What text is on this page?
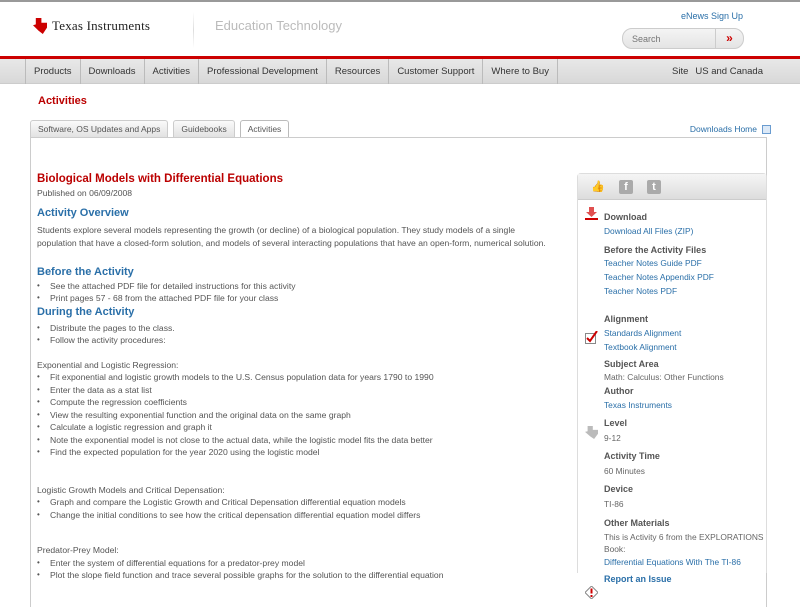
Texas Instruments	Education Technology
eNews Sign Up
Search
»
Products	Downloads	Activities	Professional Development	Resources	Customer Support	Where to Buy	Site US and Canada
Activities
Software, OS Updates and Apps	Guidebooks	Activities	Downloads Home
Biological Models with Differential Equations
Published on 06/09/2008
Activity Overview

Students explore several models representing the growth (or decline) of a biological population. They study models of a single population that have a closed-form solution, and models of several interacting populations that have an open-form, numerical solution.

Before the Activity
• See the attached PDF file for detailed instructions for this activity
• Print pages 57 - 68 from the attached PDF file for your class
During the Activity
• Distribute the pages to the class.
• Follow the activity procedures:
Exponential and Logistic Regression:
• Fit exponential and logistic growth models to the U.S. Census population data for years 1790 to 1990
• Enter the data as a stat list
• Compute the regression coefficients
• View the resulting exponential function and the original data on the same graph
• Calculate a logistic regression and graph it
• Note the exponential model is not close to the actual data, while the logistic model fits the data better
• Find the expected population for the year 2020 using the logistic model
Logistic Growth Models and Critical Depensation:
• Graph and compare the Logistic Growth and Critical Depensation differential equation models
• Change the initial conditions to see how the critical depensation differential equation model differs
Predator-Prey Model:
• Enter the system of differential equations for a predator-prey model
• Plot the slope field function and trace several possible graphs for the solution to the differential equation
👍	f	t
Download
Download All Files (ZIP)
Before the Activity Files
Teacher Notes Guide PDF
Teacher Notes Appendix PDF
Teacher Notes PDF
Alignment
Standards Alignment
Textbook Alignment
Subject Area
Math: Calculus: Other Functions
Author
Texas Instruments
Level
9-12
Activity Time
60 Minutes
Device
TI-86
Other Materials
This is Activity 6 from the EXPLORATIONS Book:
Differential Equations With The TI-86
Report an Issue
